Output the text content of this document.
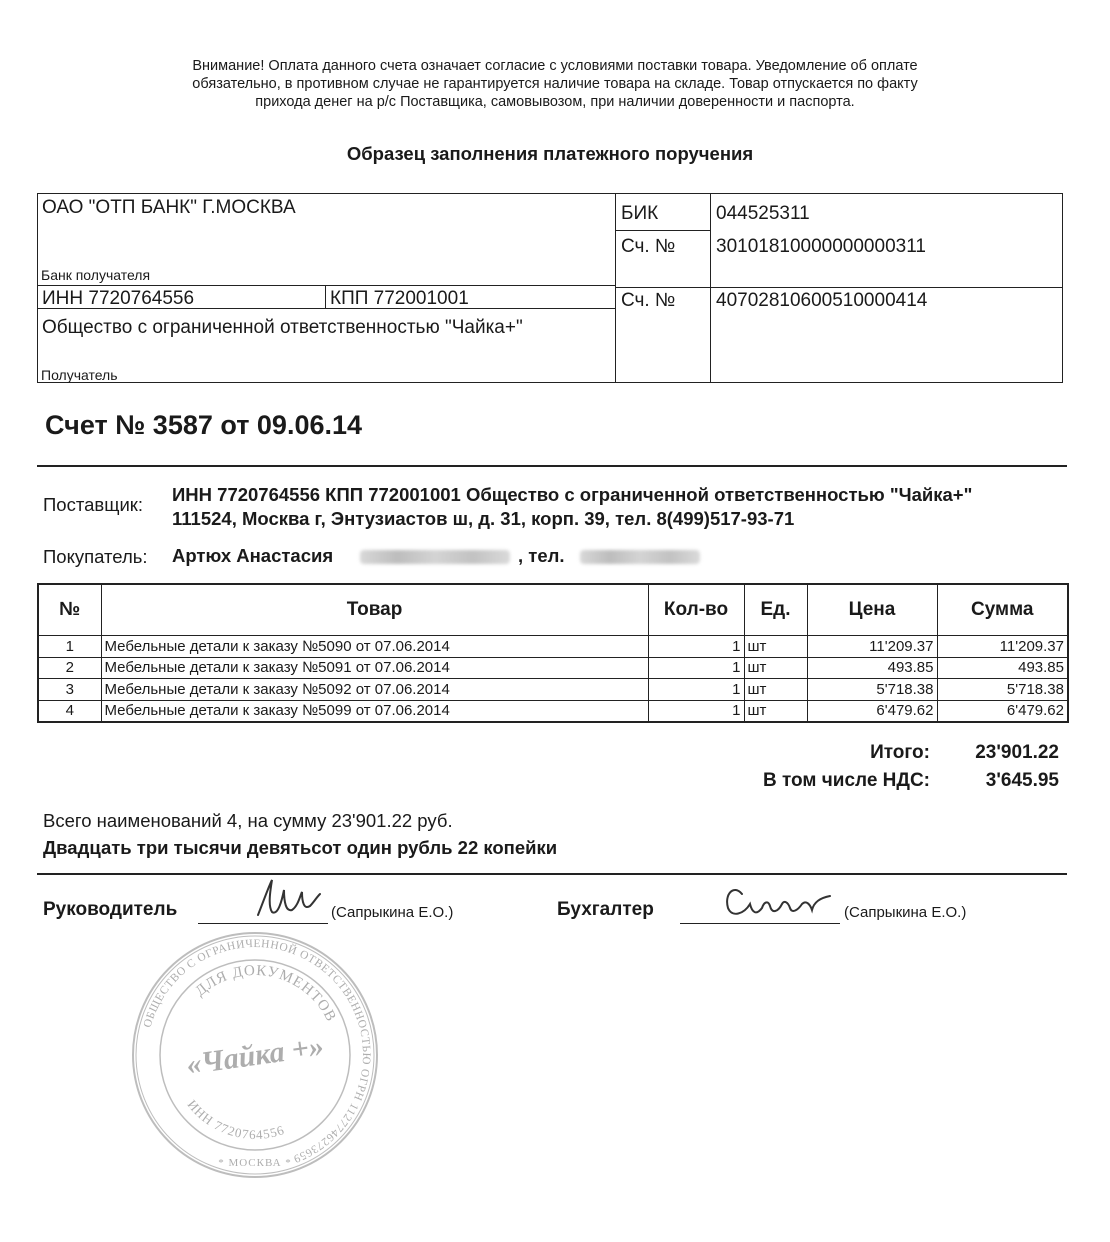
Внимание! Оплата данного счета означает согласие с условиями поставки товара. Уведомление об оплате
обязательно, в противном случае не гарантируется наличие товара на складе. Товар отпускается по факту
прихода денег на р/с Поставщика, самовывозом, при наличии доверенности и паспорта.
Образец заполнения платежного поручения
ОАО "ОТП БАНК" Г.МОСКВА
Банк получателя
БИК	044525311
Сч. № 30101810000000000311
ИНН 7720764556	КПП 772001001	Сч. № 40702810600510000414
Общество с ограниченной ответственностью "Чайка+"
Получатель
Счет № 3587 от 09.06.14
Поставщик: ИНН 7720764556 КПП 772001001 Общество с ограниченной ответственностью "Чайка+"
111524, Москва г, Энтузиастов ш, д. 31, корп. 39, тел. 8(499)517-93-71
Покупатель: Артюх Анастасия	, тел.
№	Товар	Кол-во	Ед.	Цена	Сумма
1	Мебельные детали к заказу №5090 от 07.06.2014	1	шт	11'209.37	11'209.37
2	Мебельные детали к заказу №5091 от 07.06.2014	1	шт	493.85	493.85
3	Мебельные детали к заказу №5092 от 07.06.2014	1	шт	5'718.38	5'718.38
4	Мебельные детали к заказу №5099 от 07.06.2014	1	шт	6'479.62	6'479.62
Итого: 23'901.22
В том числе НДС:	3'645.95
Всего наименований 4, на сумму 23'901.22 руб.
Двадцать три тысячи девятьсот один рубль 22 копейки
Руководитель	(Сапрыкина Е.О.)	Бухгалтер	(Сапрыкина Е.О.)
ОБЩЕСТВО С ОГРАНИЧЕННОЙ ОТВЕТСТВЕННОСТЬЮ ОГРН 1127746273659
ДЛЯ ДОКУМЕНТОВ
ИНН 7720764556
* МОСКВА *
«Чайка +»
